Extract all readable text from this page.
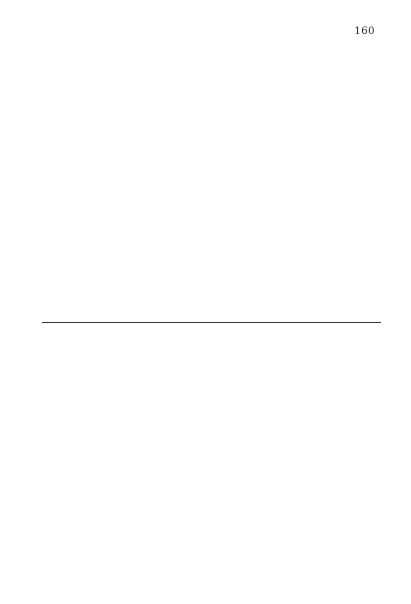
160
